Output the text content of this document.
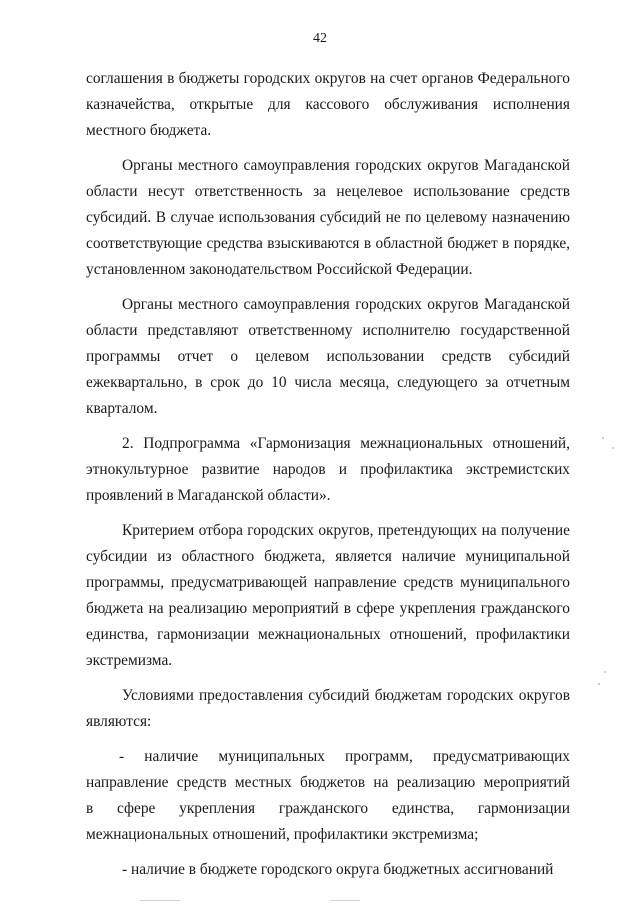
42
соглашения в бюджеты городских округов на счет органов Федерального
казначейства, открытые для кассового обслуживания исполнения
местного бюджета.
Органы местного самоуправления городских округов Магаданской
области несут ответственность за нецелевое использование средств
субсидий. В случае использования субсидий не по целевому назначению
соответствующие средства взыскиваются в областной бюджет в порядке,
установленном законодательством Российской Федерации.
Органы местного самоуправления городских округов Магаданской
области представляют ответственному исполнителю государственной
программы отчет о целевом использовании средств субсидий
ежеквартально, в срок до 10 числа месяца, следующего за отчетным
кварталом.
2. Подпрограмма «Гармонизация межнациональных отношений,
этнокультурное развитие народов и профилактика экстремистских
проявлений в Магаданской области».
Критерием отбора городских округов, претендующих на получение
субсидии из областного бюджета, является наличие муниципальной
программы, предусматривающей направление средств муниципального
бюджета на реализацию мероприятий в сфере укрепления гражданского
единства, гармонизации межнациональных отношений, профилактики
экстремизма.
Условиями предоставления субсидий бюджетам городских округов
являются:
- наличие муниципальных программ, предусматривающих
направление средств местных бюджетов на реализацию мероприятий
в сфере укрепления гражданского единства, гармонизации
межнациональных отношений, профилактики экстремизма;
- наличие в бюджете городского округа бюджетных ассигнований
